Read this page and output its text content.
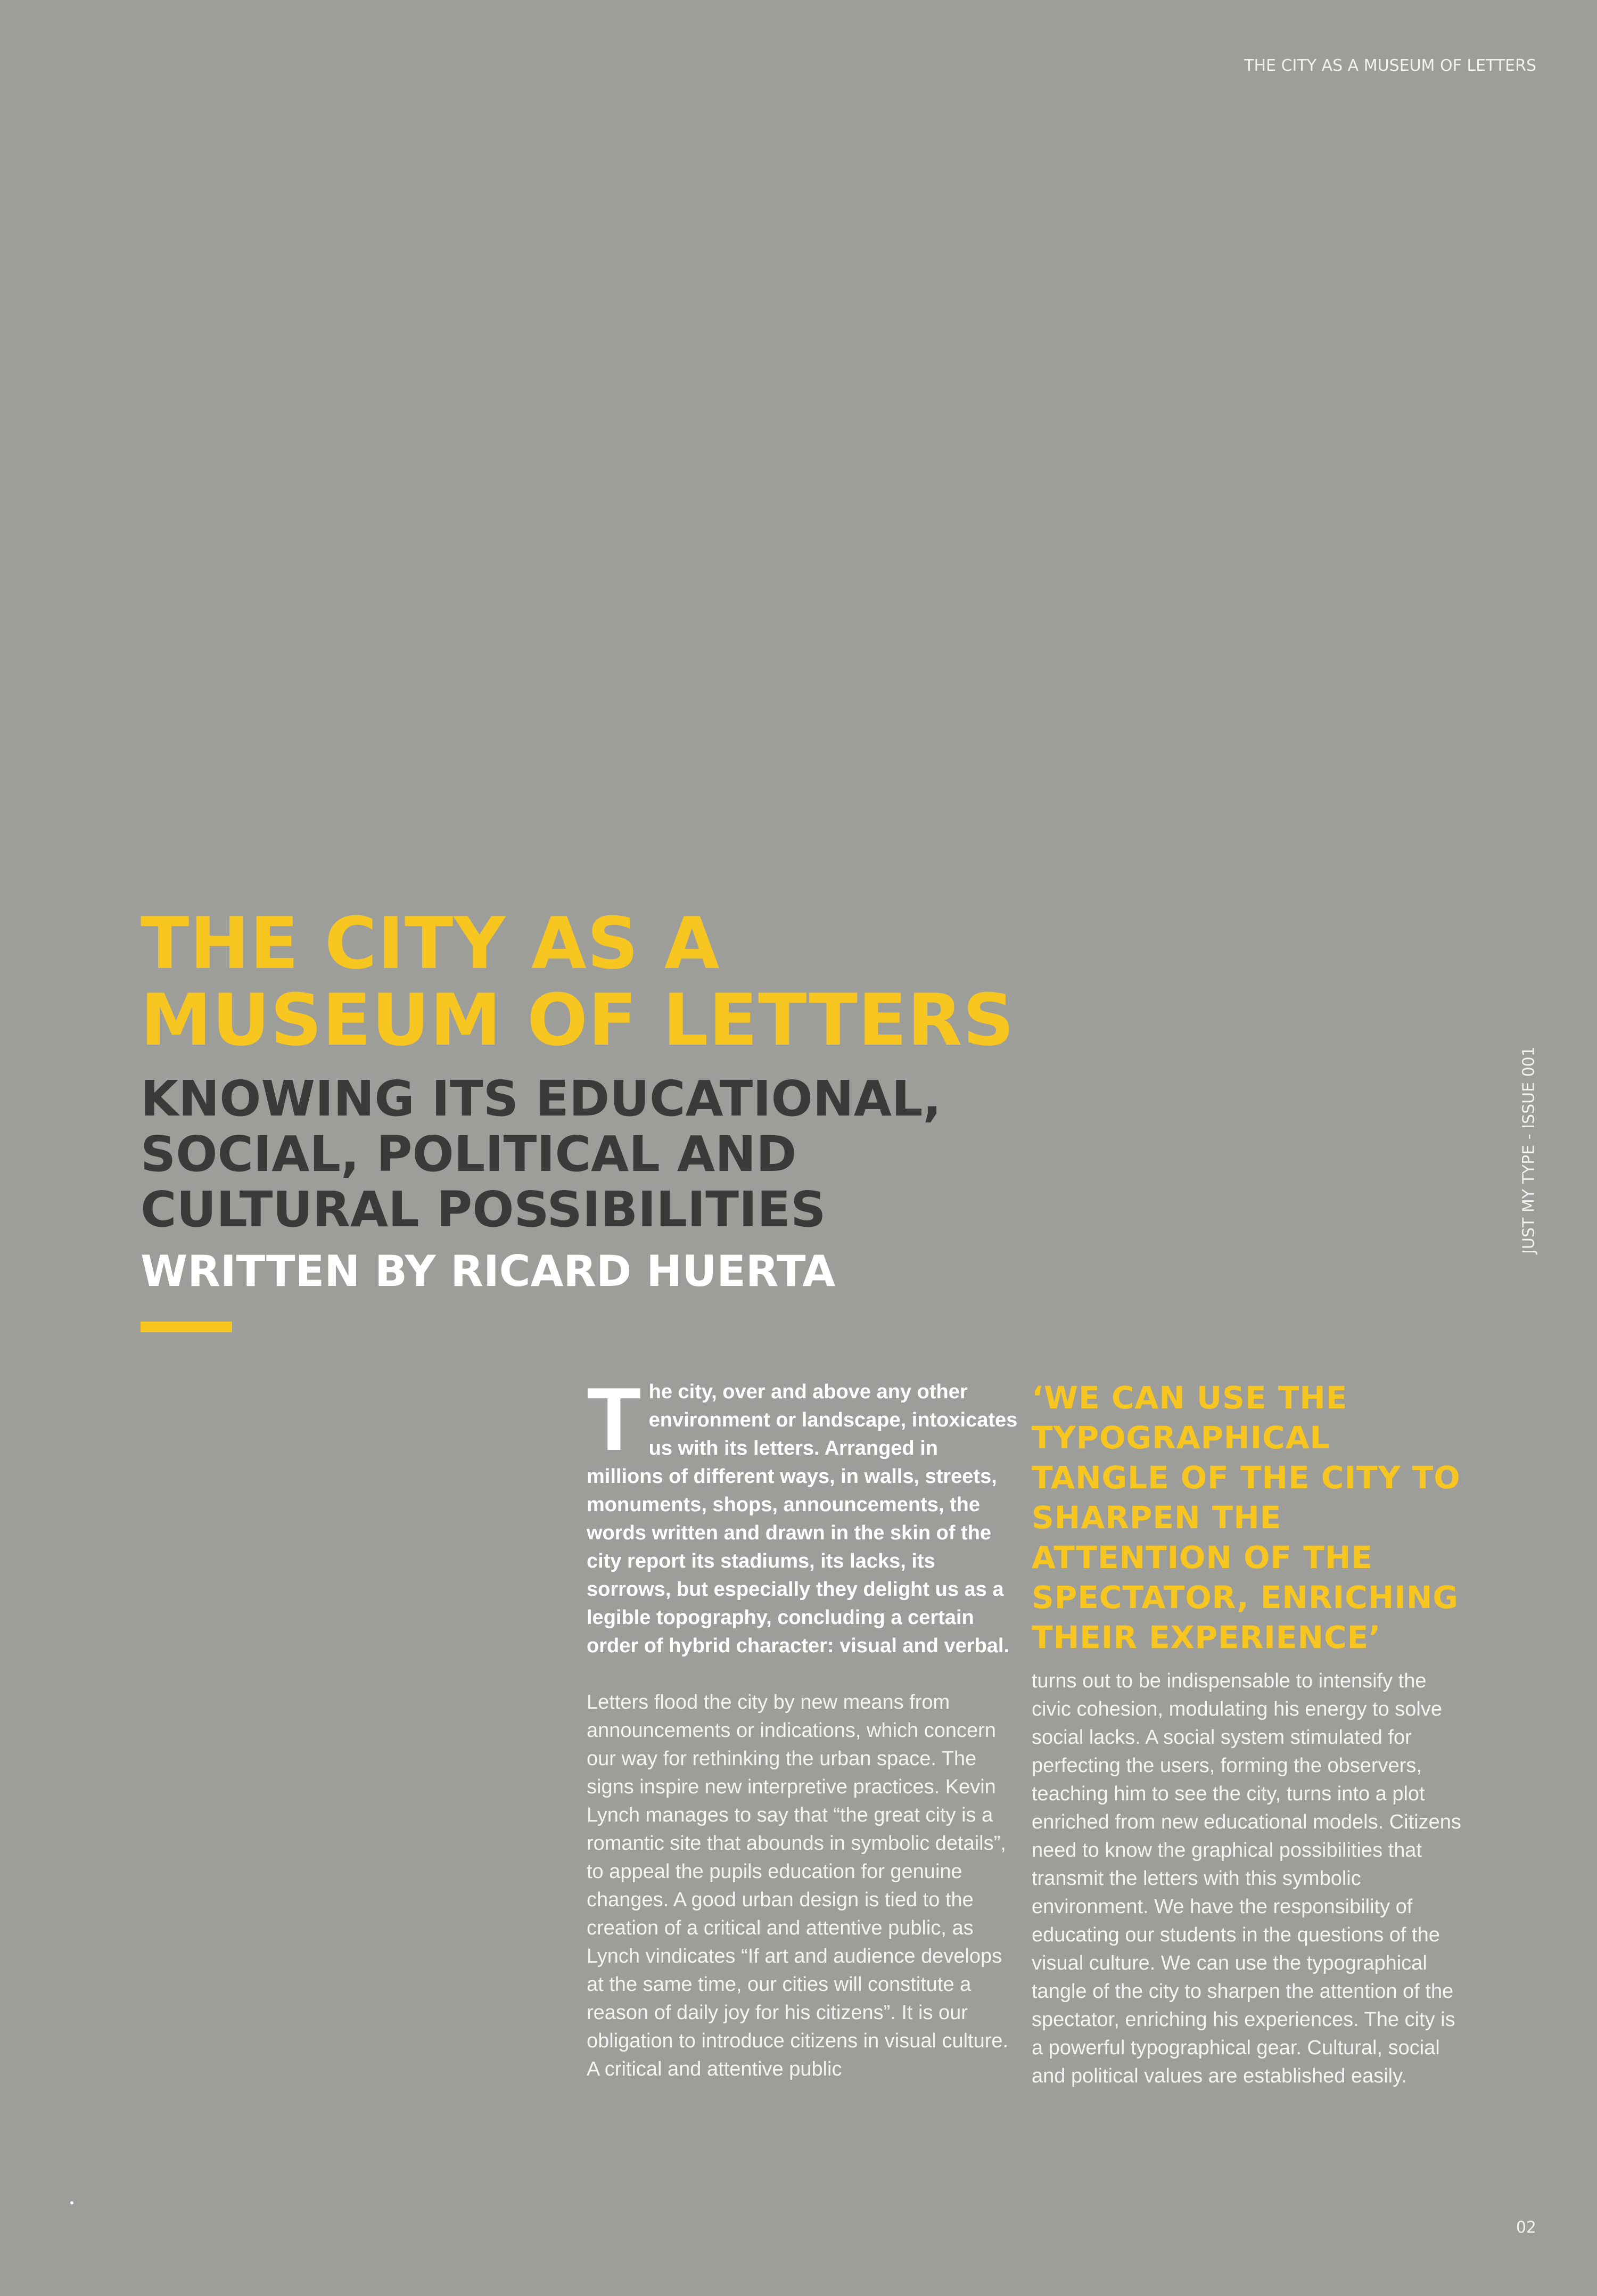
THE CITY AS A MUSEUM OF LETTERS
JUST MY TYPE - ISSUE 001
THE CITY AS A
MUSEUM OF LETTERS
KNOWING ITS EDUCATIONAL,
SOCIAL, POLITICAL AND
CULTURAL POSSIBILITIES
WRITTEN BY RICARD HUERTA

The city, over and above any other environment or landscape, intoxicates us with its letters. Arranged in millions of different ways, in walls, streets, monuments, shops, announcements, the words written and drawn in the skin of the city report its stadiums, its lacks, its sorrows, but especially they delight us as a legible topography, concluding a certain order of hybrid character: visual and verbal.

Letters flood the city by new means from announcements or indications, which concern our way for rethinking the urban space. The signs inspire new interpretive practices. Kevin Lynch manages to say that “the great city is a romantic site that abounds in symbolic details”, to appeal the pupils education for genuine changes. A good urban design is tied to the creation of a critical and attentive public, as Lynch vindicates “If art and audience develops at the same time, our cities will constitute a reason of daily joy for his citizens”. It is our obligation to introduce citizens in visual culture. A critical and attentive public

‘WE CAN USE THE TYPOGRAPHICAL TANGLE OF THE CITY TO SHARPEN THE ATTENTION OF THE SPECTATOR, ENRICHING THEIR EXPERIENCE’

turns out to be indispensable to intensify the civic cohesion, modulating his energy to solve social lacks. A social system stimulated for perfecting the users, forming the observers, teaching him to see the city, turns into a plot enriched from new educational models. Citizens need to know the graphical possibilities that transmit the letters with this symbolic environment. We have the responsibility of educating our students in the questions of the visual culture. We can use the typographical tangle of the city to sharpen the attention of the spectator, enriching his experiences. The city is a powerful typographical gear. Cultural, social and political values are established easily.

02
